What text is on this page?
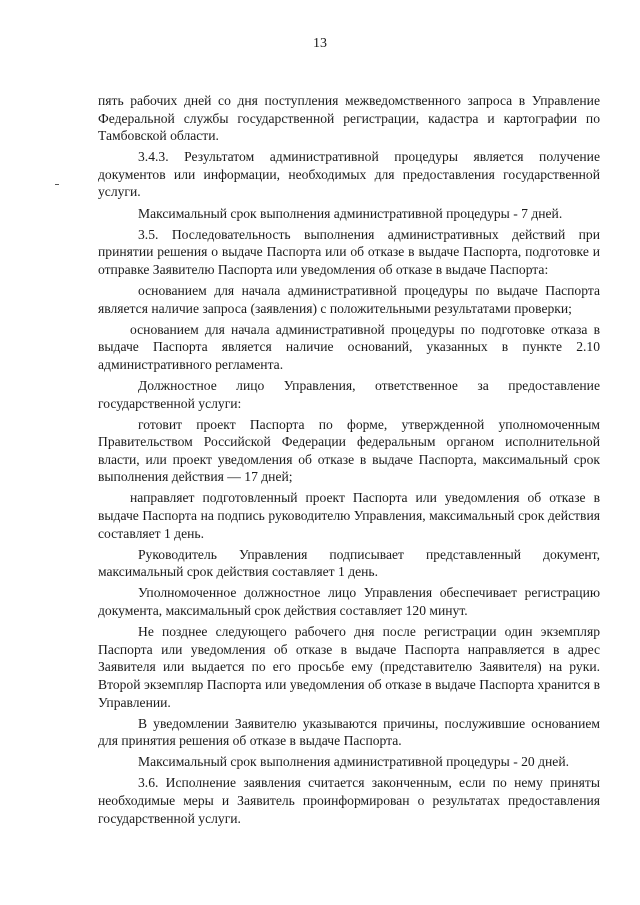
13

пять рабочих дней со дня поступления межведомственного запроса в Управление Федеральной службы государственной регистрации, кадастра и картографии по Тамбовской области.

3.4.3. Результатом административной процедуры является получение документов или информации, необходимых для предоставления государственной услуги.

Максимальный срок выполнения административной процедуры - 7 дней.

3.5. Последовательность выполнения административных действий при принятии решения о выдаче Паспорта или об отказе в выдаче Паспорта, подготовке и отправке Заявителю Паспорта или уведомления об отказе в выдаче Паспорта:

основанием для начала административной процедуры по выдаче Паспорта является наличие запроса (заявления) с положительными результатами проверки;

основанием для начала административной процедуры по подготовке отказа в выдаче Паспорта является наличие оснований, указанных в пункте 2.10 административного регламента.

Должностное лицо Управления, ответственное за предоставление государственной услуги:

готовит проект Паспорта по форме, утвержденной уполномоченным Правительством Российской Федерации федеральным органом исполнительной власти, или проект уведомления об отказе в выдаче Паспорта, максимальный срок выполнения действия — 17 дней;

направляет подготовленный проект Паспорта или уведомления об отказе в выдаче Паспорта на подпись руководителю Управления, максимальный срок действия составляет 1 день.

Руководитель Управления подписывает представленный документ, максимальный срок действия составляет 1 день.

Уполномоченное должностное лицо Управления обеспечивает регистрацию документа, максимальный срок действия составляет 120 минут.

Не позднее следующего рабочего дня после регистрации один экземпляр Паспорта или уведомления об отказе в выдаче Паспорта направляется в адрес Заявителя или выдается по его просьбе ему (представителю Заявителя) на руки. Второй экземпляр Паспорта или уведомления об отказе в выдаче Паспорта хранится в Управлении.

В уведомлении Заявителю указываются причины, послужившие основанием для принятия решения об отказе в выдаче Паспорта.

Максимальный срок выполнения административной процедуры - 20 дней.

3.6. Исполнение заявления считается законченным, если по нему приняты необходимые меры и Заявитель проинформирован о результатах предоставления государственной услуги.
